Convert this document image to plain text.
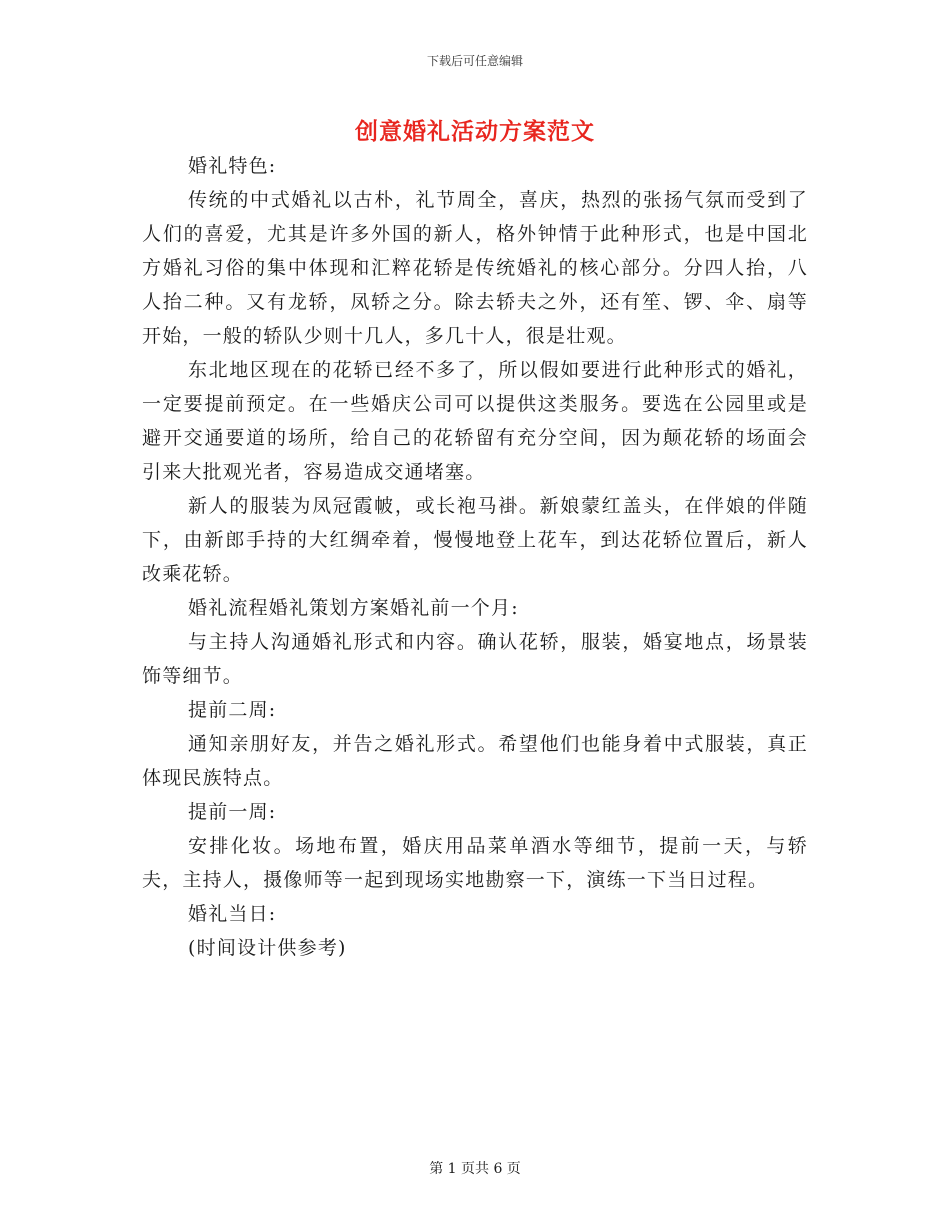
下载后可任意编辑
创意婚礼活动方案范文

婚礼特色:

传统的中式婚礼以古朴，礼节周全，喜庆，热烈的张扬气氛而受到了人们的喜爱，尤其是许多外国的新人，格外钟情于此种形式，也是中国北方婚礼习俗的集中体现和汇粹花轿是传统婚礼的核心部分。分四人抬，八人抬二种。又有龙轿，凤轿之分。除去轿夫之外，还有笙、锣、伞、扇等开始，一般的轿队少则十几人，多几十人，很是壮观。

东北地区现在的花轿已经不多了，所以假如要进行此种形式的婚礼，一定要提前预定。在一些婚庆公司可以提供这类服务。要选在公园里或是避开交通要道的场所，给自己的花轿留有充分空间，因为颠花轿的场面会引来大批观光者，容易造成交通堵塞。

新人的服装为凤冠霞帔，或长袍马褂。新娘蒙红盖头，在伴娘的伴随下，由新郎手持的大红绸牵着，慢慢地登上花车，到达花轿位置后，新人改乘花轿。

婚礼流程婚礼策划方案婚礼前一个月:

与主持人沟通婚礼形式和内容。确认花轿，服装，婚宴地点，场景装饰等细节。

提前二周:

通知亲朋好友，并告之婚礼形式。希望他们也能身着中式服装，真正体现民族特点。

提前一周:

安排化妆。场地布置，婚庆用品菜单酒水等细节，提前一天，与轿夫，主持人，摄像师等一起到现场实地勘察一下，演练一下当日过程。

婚礼当日:

(时间设计供参考)

第 1 页共 6 页
